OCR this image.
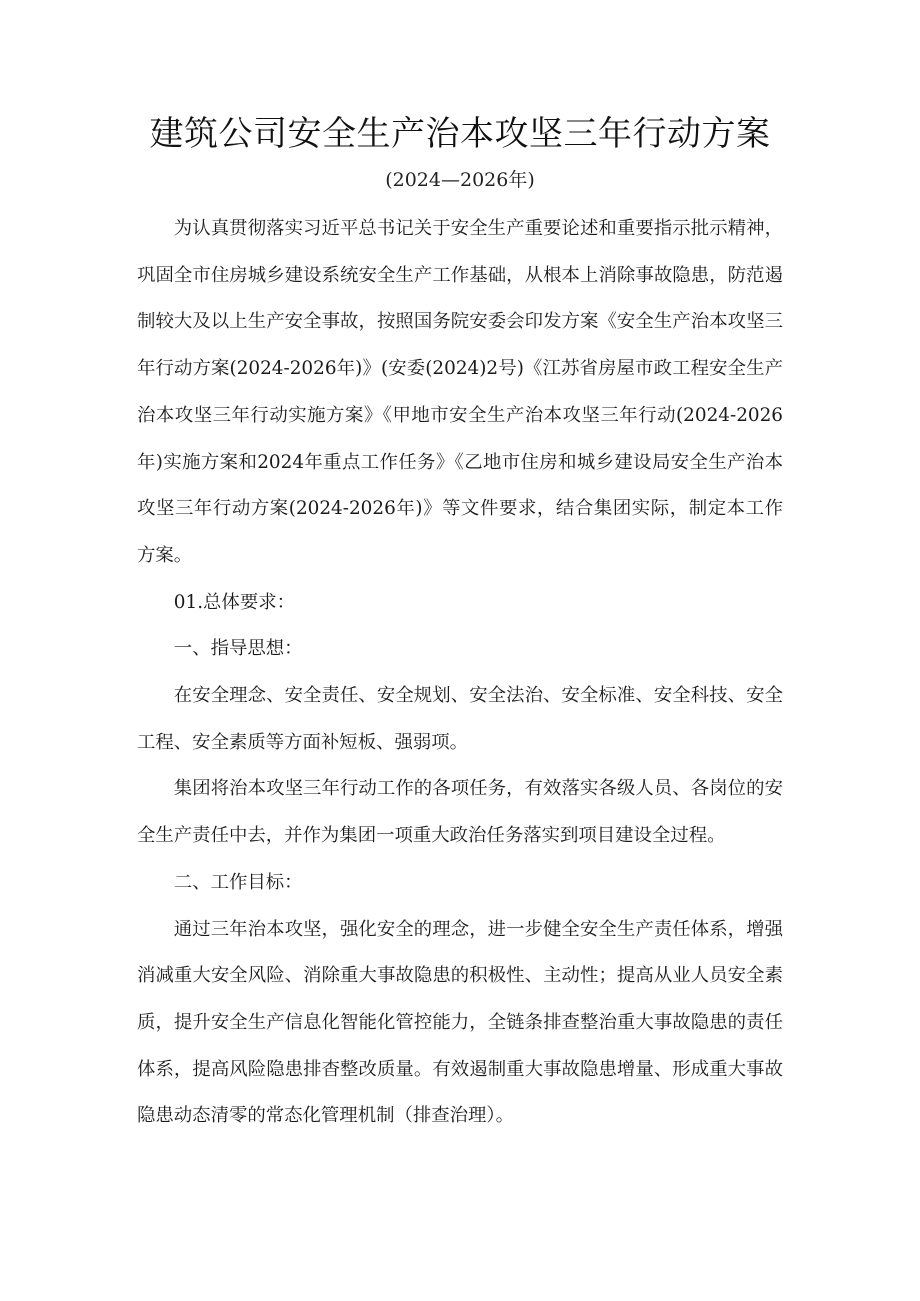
建筑公司安全生产治本攻坚三年行动方案
(2024—2026年)

为认真贯彻落实习近平总书记关于安全生产重要论述和重要指示批示精神，巩固全市住房城乡建设系统安全生产工作基础，从根本上消除事故隐患，防范遏制较大及以上生产安全事故，按照国务院安委会印发方案《安全生产治本攻坚三年行动方案(2024-2026年)》(安委(2024)2号)《江苏省房屋市政工程安全生产治本攻坚三年行动实施方案》《甲地市安全生产治本攻坚三年行动(2024-2026年)实施方案和2024年重点工作任务》《乙地市住房和城乡建设局安全生产治本攻坚三年行动方案(2024-2026年)》等文件要求，结合集团实际，制定本工作方案。

01.总体要求：

一、指导思想：

在安全理念、安全责任、安全规划、安全法治、安全标准、安全科技、安全工程、安全素质等方面补短板、强弱项。

集团将治本攻坚三年行动工作的各项任务，有效落实各级人员、各岗位的安全生产责任中去，并作为集团一项重大政治任务落实到项目建设全过程。

二、工作目标：

通过三年治本攻坚，强化安全的理念，进一步健全安全生产责任体系，增强消减重大安全风险、消除重大事故隐患的积极性、主动性；提高从业人员安全素质，提升安全生产信息化智能化管控能力，全链条排查整治重大事故隐患的责任体系，提高风险隐患排杳整改质量。有效遏制重大事故隐患增量、形成重大事故隐患动态清零的常态化管理机制（排查治理）。
